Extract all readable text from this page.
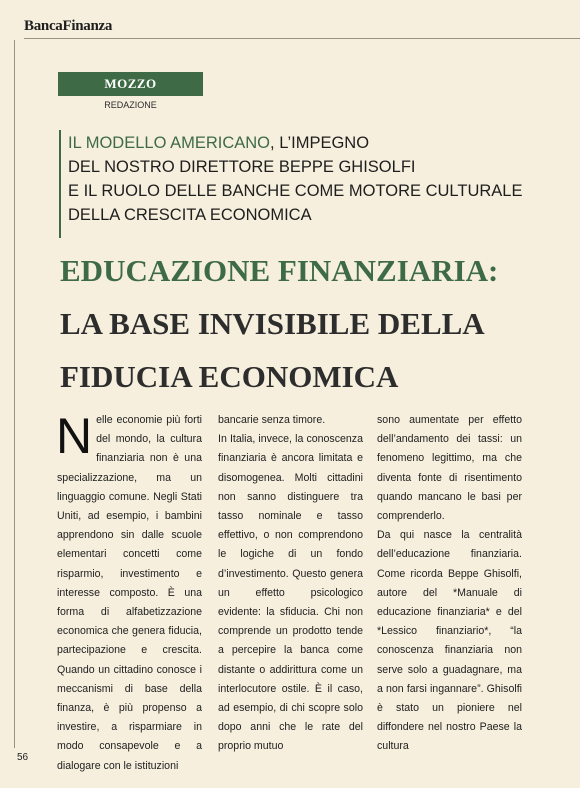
BancaFinanza
MOZZO
REDAZIONE
IL MODELLO AMERICANO, L’IMPEGNO
DEL NOSTRO DIRETTORE BEPPE GHISOLFI
E IL RUOLO DELLE BANCHE COME MOTORE CULTURALE
DELLA CRESCITA ECONOMICA
EDUCAZIONE FINANZIARIA:
LA BASE INVISIBILE DELLA
FIDUCIA ECONOMICA

Nelle economie più forti del mondo, la cultura finanziaria non è una specializzazione, ma un linguaggio comune. Negli Stati Uniti, ad esempio, i bambini apprendono sin dalle scuole elementari concetti come risparmio, investimento e interesse composto. È una forma di alfabetizzazione economica che genera fiducia, partecipazione e crescita. Quando un cittadino conosce i meccanismi di base della finanza, è più propenso a investire, a risparmiare in modo consapevole e a dialogare con le istituzioni

bancarie senza timore.

In Italia, invece, la conoscenza finanziaria è ancora limitata e disomogenea. Molti cittadini non sanno distinguere tra tasso nominale e tasso effettivo, o non comprendono le logiche di un fondo d’investimento. Questo genera un effetto psicologico evidente: la sfiducia. Chi non comprende un prodotto tende a percepire la banca come distante o addirittura come un interlocutore ostile. È il caso, ad esempio, di chi scopre solo dopo anni che le rate del proprio mutuo

sono aumentate per effetto dell’andamento dei tassi: un fenomeno legittimo, ma che diventa fonte di risentimento quando mancano le basi per comprenderlo.

Da qui nasce la centralità dell’educazione finanziaria. Come ricorda Beppe Ghisolfi, autore del *Manuale di educazione finanziaria* e del *Lessico finanziario*, “la conoscenza finanziaria non serve solo a guadagnare, ma a non farsi ingannare”. Ghisolfi è stato un pioniere nel diffondere nel nostro Paese la cultura

56
